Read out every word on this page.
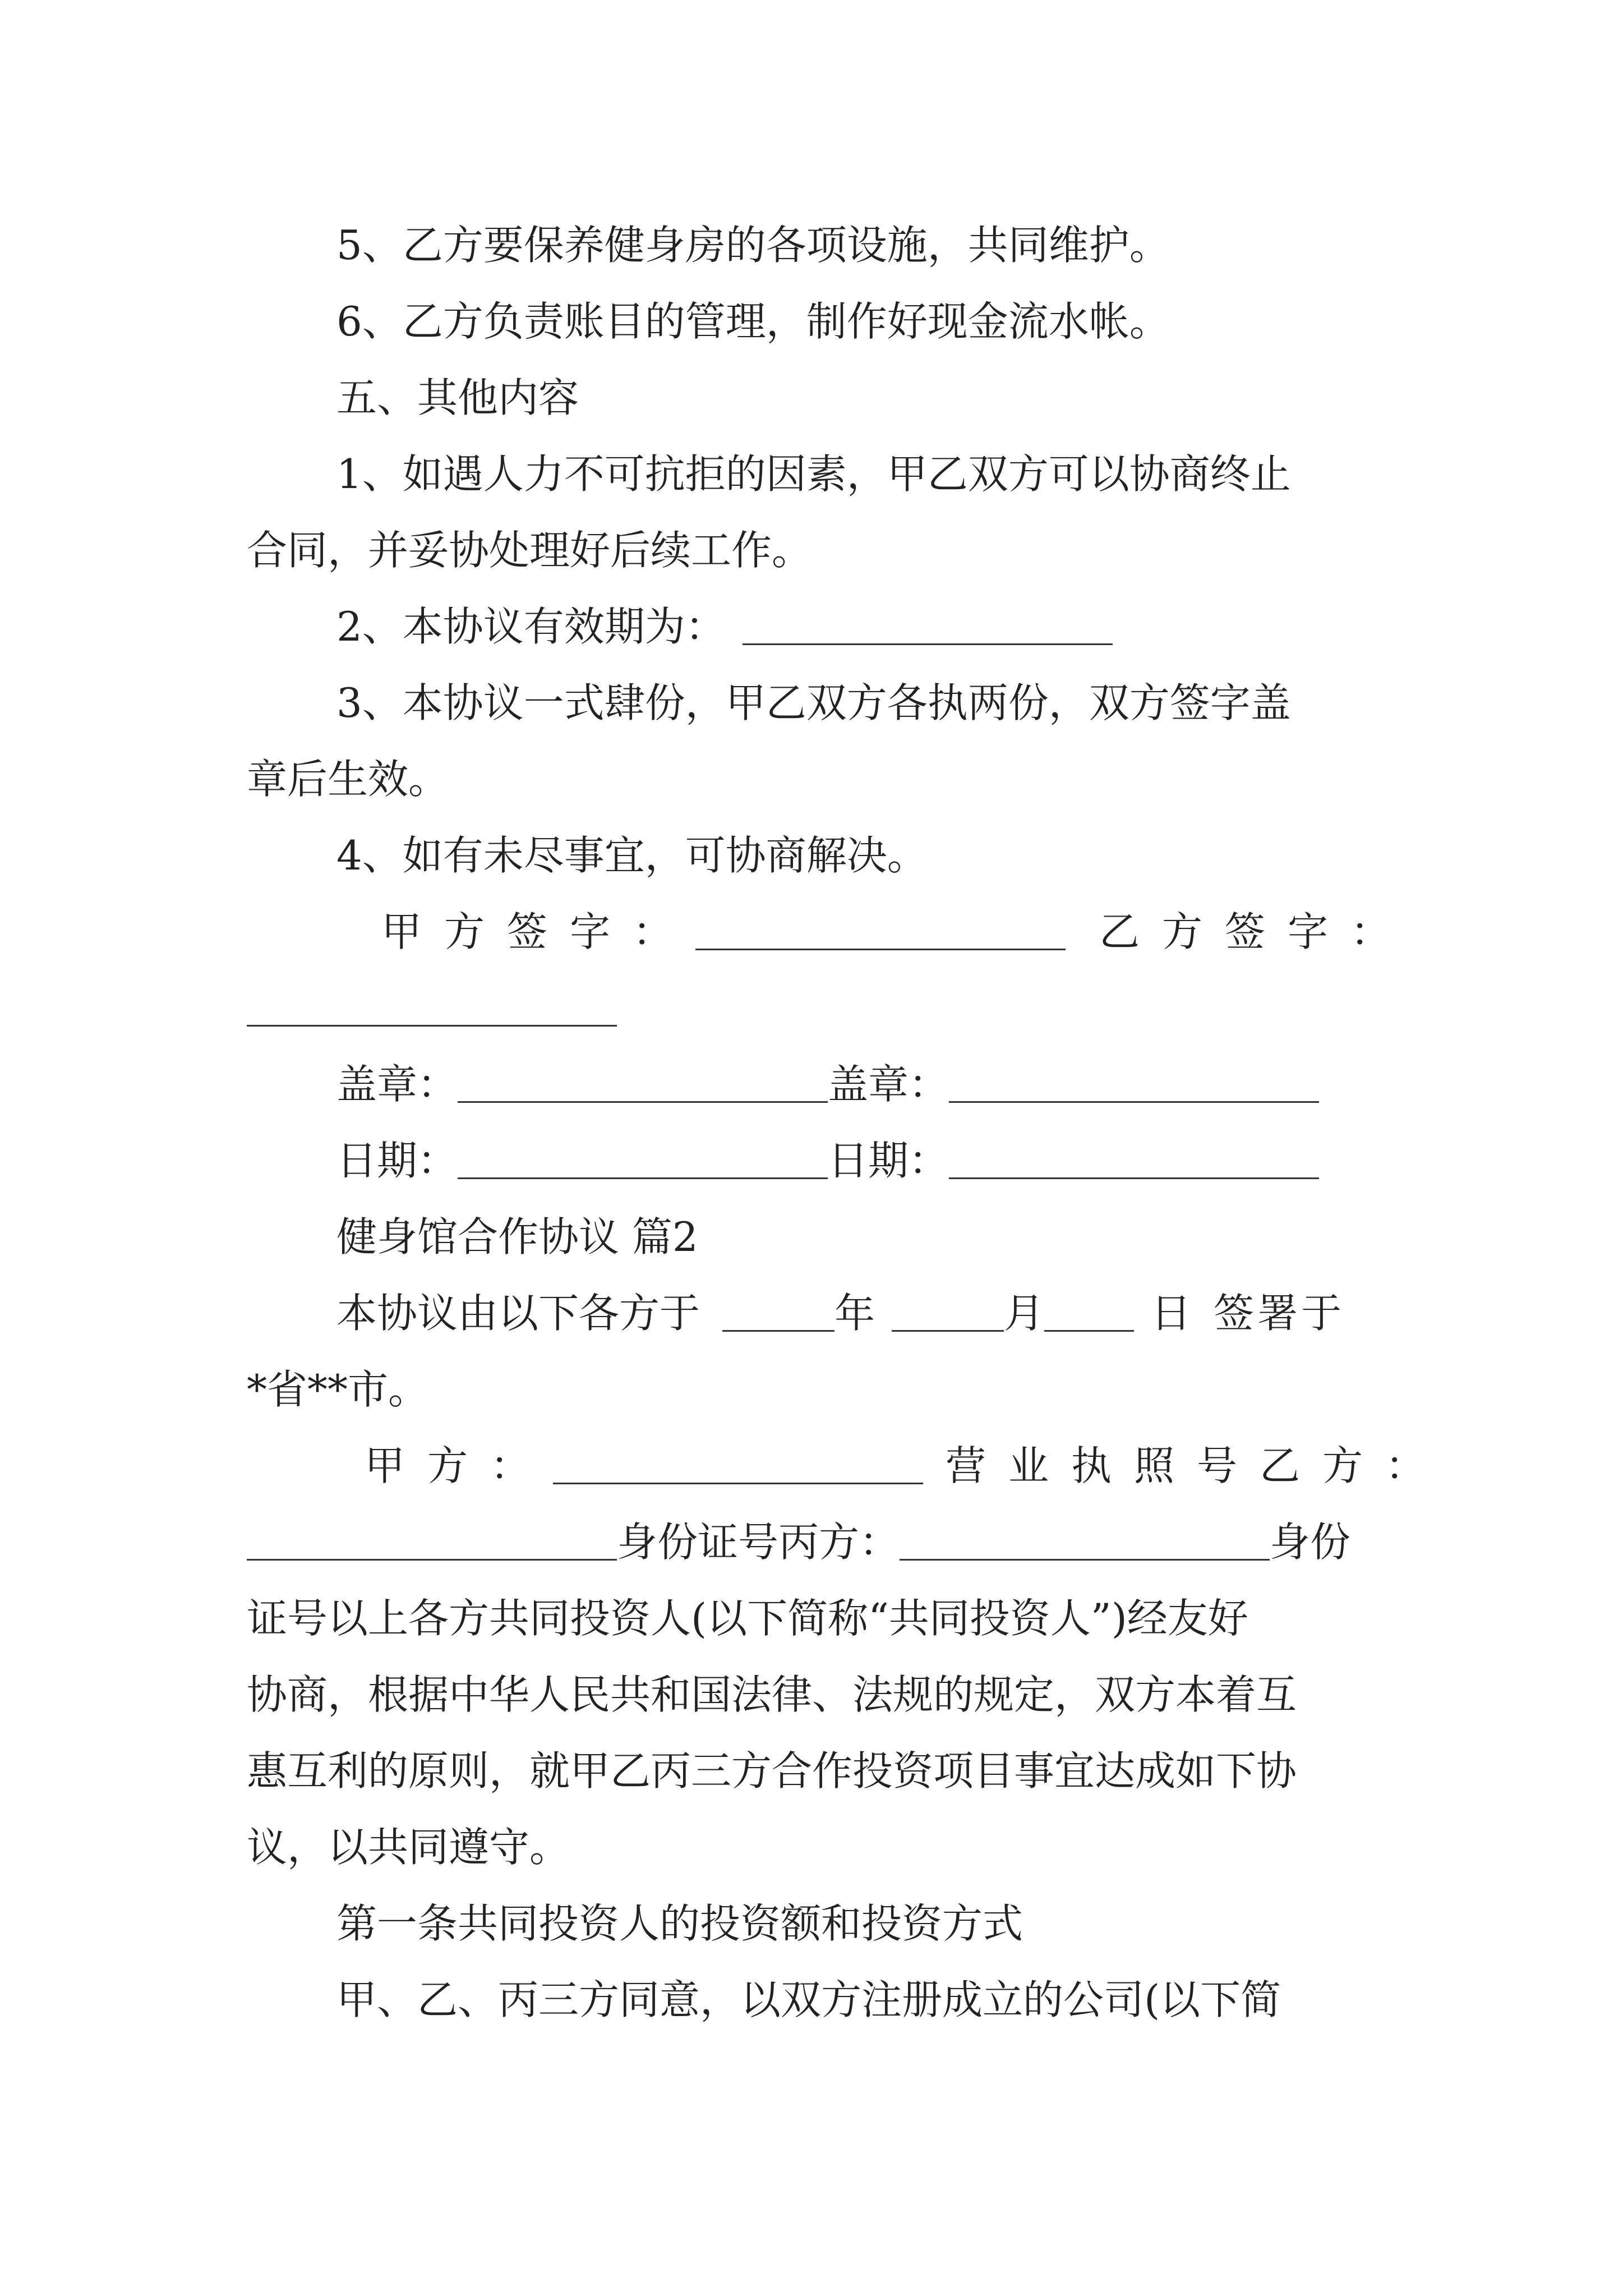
5、乙方要保养健身房的各项设施，共同维护。
6、乙方负责账目的管理，制作好现金流水帐。
五、其他内容
1、如遇人力不可抗拒的因素，甲乙双方可以协商终止
合同，并妥协处理好后续工作。
2、本协议有效期为：
3、本协议一式肆份，甲乙双方各执两份，双方签字盖
章后生效。
4、如有未尽事宜，可协商解决。
甲方签字：	乙方签字：
盖章：	盖章：
日期：	日期：
健身馆合作协议 篇2
本协议由以下各方于	年	月	日 签署于
*省**市。
甲方：	营业执照号乙方：
身份证号丙方：	身份
证号以上各方共同投资人(以下简称“共同投资人”)经友好
协商，根据中华人民共和国法律、法规的规定，双方本着互
惠互利的原则，就甲乙丙三方合作投资项目事宜达成如下协
议，以共同遵守。
第一条共同投资人的投资额和投资方式
甲、乙、丙三方同意，以双方注册成立的公司(以下简
